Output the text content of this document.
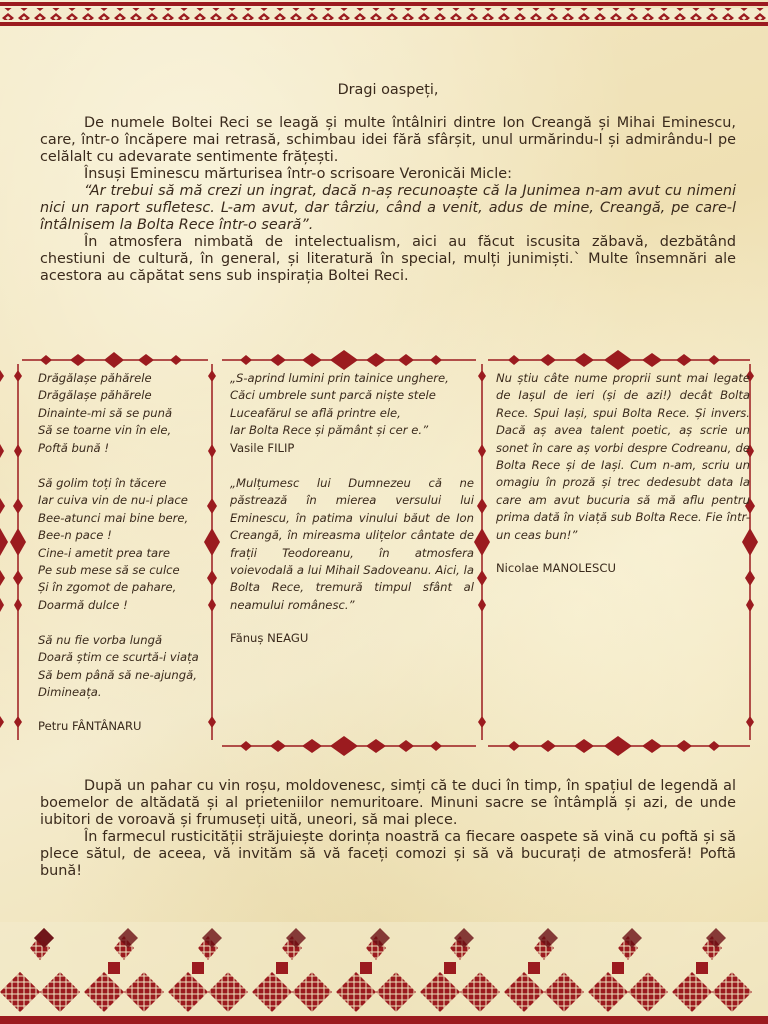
Dragi oaspeți,

De numele Boltei Reci se leagă și multe întâlniri dintre Ion Creangă și Mihai Eminescu, care, într-o încăpere mai retrasă, schimbau idei fără sfârșit, unul urmărindu-l și admirându-l pe celălalt cu adevarate sentimente frățești.

Însuși Eminescu mărturisea într-o scrisoare Veronicăi Micle:

“Ar trebui să mă crezi un ingrat, dacă n-aș recunoaște că la Junimea n-am avut cu nimeni nici un raport sufletesc. L-am avut, dar târziu, când a venit, adus de mine, Creangă, pe care-l întâlnisem la Bolta Rece într-o seară”.

În atmosfera nimbată de intelectualism, aici au făcut iscusita zăbavă, dezbătând chestiuni de cultură, în general, și literatură în special, mulți junimiști.` Multe însemnări ale acestora au căpătat sens sub inspirația Boltei Reci.

Drăgălașe păhărele

Drăgălașe păhărele

Dinainte-mi să se pună

Să se toarne vin în ele,

Poftă bună !

Să golim toți în tăcere

Iar cuiva vin de nu-i place

Bee-atunci mai bine bere,

Bee-n pace !

Cine-i ametit prea tare

Pe sub mese să se culce

Și în zgomot de pahare,

Doarmă dulce !

Să nu fie vorba lungă

Doară știm ce scurtă-i viața

Să bem până să ne-ajungă,

Dimineața.

Petru FÂNTÂNARU

„S-aprind lumini prin tainice unghere,

Căci umbrele sunt parcă niște stele

Luceafărul se află printre ele,

Iar Bolta Rece și pământ și cer e.”

Vasile FILIP

„Mulțumesc lui Dumnezeu că ne păstrează în mierea versului lui Eminescu, în patima vinului băut de Ion Creangă, în mireasma ulițelor cântate de frații Teodoreanu, în atmosfera voievodală a lui Mihail Sadoveanu. Aici, la Bolta Rece, tremură timpul sfânt al neamului românesc.”

Fănuș NEAGU

Nu știu câte nume proprii sunt mai legate de Iașul de ieri (și de azi!) decât Bolta Rece. Spui Iași, spui Bolta Rece. Și invers. Dacă aș avea talent poetic, aș scrie un sonet în care aș vorbi despre Codreanu, de Bolta Rece și de Iași. Cum n-am, scriu un omagiu în proză și trec dedesubt data la care am avut bucuria să mă aflu pentru prima dată în viață sub Bolta Rece. Fie într-un ceas bun!”

Nicolae MANOLESCU

După un pahar cu vin roșu, moldovenesc, simți că te duci în timp, în spațiul de legendă al boemelor de altădată și al prieteniilor nemuritoare. Minuni sacre se întâmplă și azi, de unde iubitori de voroavă și frumuseți uită, uneori, să mai plece.

În farmecul rusticității străjuiește dorința noastră ca fiecare oaspete să vină cu poftă și să plece sătul, de aceea, vă invităm să vă faceți comozi și să vă bucurați de atmosferă! Poftă bună!
